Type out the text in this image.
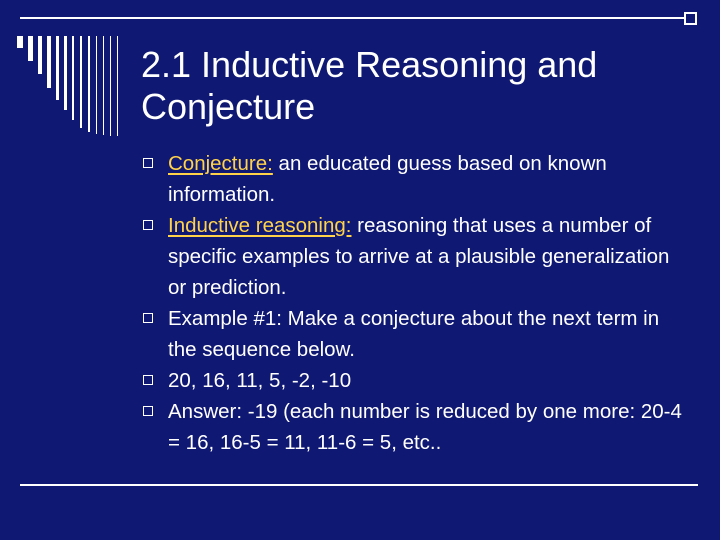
2.1 Inductive Reasoning and Conjecture
Conjecture: an educated guess based on known information.
Inductive reasoning: reasoning that uses a number of specific examples to arrive at a plausible generalization or prediction.
Example #1: Make a conjecture about the next term in the sequence below.
20, 16, 11, 5, -2, -10
Answer: -19 (each number is reduced by one more: 20-4 = 16, 16-5 = 11, 11-6 = 5, etc..
